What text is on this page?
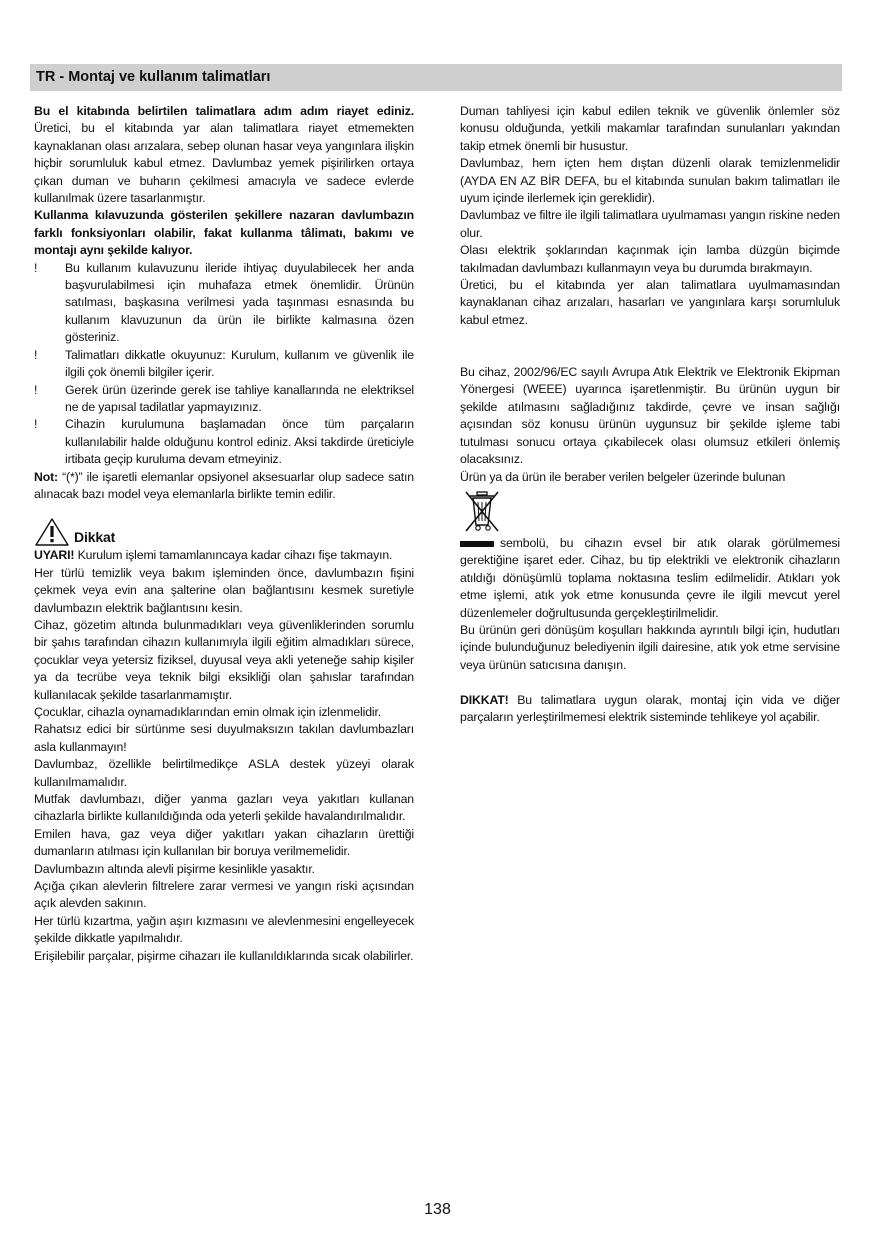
TR - Montaj ve kullanım talimatları

Bu el kitabında belirtilen talimatlara adım adım riayet ediniz. Üretici, bu el kitabında yar alan talimatlara riayet etmemekten kaynaklanan olası arızalara, sebep olunan hasar veya yangınlara ilişkin hiçbir sorumluluk kabul etmez. Davlumbaz yemek pişirilirken ortaya çıkan duman ve buharın çekilmesi amacıyla ve sadece evlerde kullanılmak üzere tasarlanmıştır.

Kullanma kılavuzunda gösterilen şekillere nazaran davlumbazın farklı fonksiyonları olabilir, fakat kullanma tâlimatı, bakımı ve montajı aynı şekilde kalıyor.

! Bu kullanım kulavuzunu ileride ihtiyaç duyulabilecek her anda başvurulabilmesi için muhafaza etmek önemlidir. Ürünün satılması, başkasına verilmesi yada taşınması esnasında bu kullanım klavuzunun da ürün ile birlikte kalmasına özen gösteriniz.
! Talimatları dikkatle okuyunuz: Kurulum, kullanım ve güvenlik ile ilgili çok önemli bilgiler içerir.
! Gerek ürün üzerinde gerek ise tahliye kanallarında ne elektriksel ne de yapısal tadilatlar yapmayızınız.
! Cihazin kurulumuna başlamadan önce tüm parçaların kullanılabilir halde olduğunu kontrol ediniz. Aksi takdirde üreticiyle irtibata geçip kuruluma devam etmeyiniz.

Not: “(*)” ile işaretli elemanlar opsiyonel aksesuarlar olup sadece satın alınacak bazı model veya elemanlarla birlikte temin edilir.

Dikkat

UYARI! Kurulum işlemi tamamlanıncaya kadar cihazı fişe takmayın.

Her türlü temizlik veya bakım işleminden önce, davlumbazın fişini çekmek veya evin ana şalterine olan bağlantısını kesmek suretiyle davlumbazın elektrik bağlantısını kesin.

Cihaz, gözetim altında bulunmadıkları veya güvenliklerinden sorumlu bir şahıs tarafından cihazın kullanımıyla ilgili eğitim almadıkları sürece, çocuklar veya yetersiz fiziksel, duyusal veya akli yeteneğe sahip kişiler ya da tecrübe veya teknik bilgi eksikliği olan şahıslar tarafından kullanılacak şekilde tasarlanmamıştır.

Çocuklar, cihazla oynamadıklarından emin olmak için izlenmelidir.

Rahatsız edici bir sürtünme sesi duyulmaksızın takılan davlumbazları asla kullanmayın!

Davlumbaz, özellikle belirtilmedikçe ASLA destek yüzeyi olarak kullanılmamalıdır.

Mutfak davlumbazı, diğer yanma gazları veya yakıtları kullanan cihazlarla birlikte kullanıldığında oda yeterli şekilde havalandırılmalıdır.

Emilen hava, gaz veya diğer yakıtları yakan cihazların ürettiği dumanların atılması için kullanılan bir boruya verilmemelidir.

Davlumbazın altında alevli pişirme kesinlikle yasaktır.

Açığa çıkan alevlerin filtrelere zarar vermesi ve yangın riski açısından açık alevden sakının.

Her türlü kızartma, yağın aşırı kızmasını ve alevlenmesini engelleyecek şekilde dikkatle yapılmalıdır.

Erişilebilir parçalar, pişirme cihazarı ile kullanıldıklarında sıcak olabilirler.

Duman tahliyesi için kabul edilen teknik ve güvenlik önlemler söz konusu olduğunda, yetkili makamlar tarafından sunulanları yakından takip etmek önemli bir husustur.

Davlumbaz, hem içten hem dıştan düzenli olarak temizlenmelidir (AYDA EN AZ BİR DEFA, bu el kitabında sunulan bakım talimatları ile uyum içinde ilerlemek için gereklidir).

Davlumbaz ve filtre ile ilgili talimatlara uyulmaması yangın riskine neden olur.

Olası elektrik şoklarından kaçınmak için lamba düzgün biçimde takılmadan davlumbazı kullanmayın veya bu durumda bırakmayın.

Üretici, bu el kitabında yer alan talimatlara uyulmamasından kaynaklanan cihaz arızaları, hasarları ve yangınlara karşı sorumluluk kabul etmez.

Bu cihaz, 2002/96/EC sayılı Avrupa Atık Elektrik ve Elektronik Ekipman Yönergesi (WEEE) uyarınca işaretlenmiştir. Bu ürünün uygun bir şekilde atılmasını sağladığınız takdirde, çevre ve insan sağlığı açısından söz konusu ürünün uygunsuz bir şekilde işleme tabi tutulması sonucu ortaya çıkabilecek olası olumsuz etkileri önlemiş olacaksınız.

Ürün ya da ürün ile beraber verilen belgeler üzerinde bulunan

sembolü, bu cihazın evsel bir atık olarak görülmemesi gerektiğine işaret eder. Cihaz, bu tip elektrikli ve elektronik cihazların atıldığı dönüşümlü toplama noktasına teslim edilmelidir. Atıkları yok etme işlemi, atık yok etme konusunda çevre ile ilgili mevcut yerel düzenlemeler doğrultusunda gerçekleştirilmelidir.

Bu ürünün geri dönüşüm koşulları hakkında ayrıntılı bilgi için, hudutları içinde bulunduğunuz belediyenin ilgili dairesine, atık yok etme servisine veya ürünün satıcısına danışın.

DIKKAT! Bu talimatlara uygun olarak, montaj için vida ve diğer parçaların yerleştirilmemesi elektrik sisteminde tehlikeye yol açabilir.

138
